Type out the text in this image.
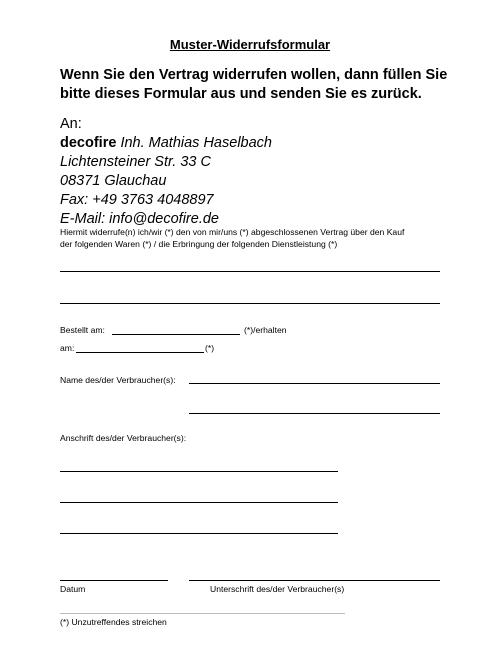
Muster-Widerrufsformular
Wenn Sie den Vertrag widerrufen wollen, dann füllen Sie
bitte dieses Formular aus und senden Sie es zurück.
An:
decofire Inh. Mathias Haselbach
Lichtensteiner Str. 33 C
08371 Glauchau
Fax: +49 3763 4048897
E-Mail: info@decofire.de
Hiermit widerrufe(n) ich/wir (*) den von mir/uns (*) abgeschlossenen Vertrag über den Kauf
der folgenden Waren (*) / die Erbringung der folgenden Dienstleistung (*)
Bestellt am:	(*)/erhalten
am:	(*)
Name des/der Verbraucher(s):
Anschrift des/der Verbraucher(s):
Datum	Unterschrift des/der Verbraucher(s)
(*) Unzutreffendes streichen
